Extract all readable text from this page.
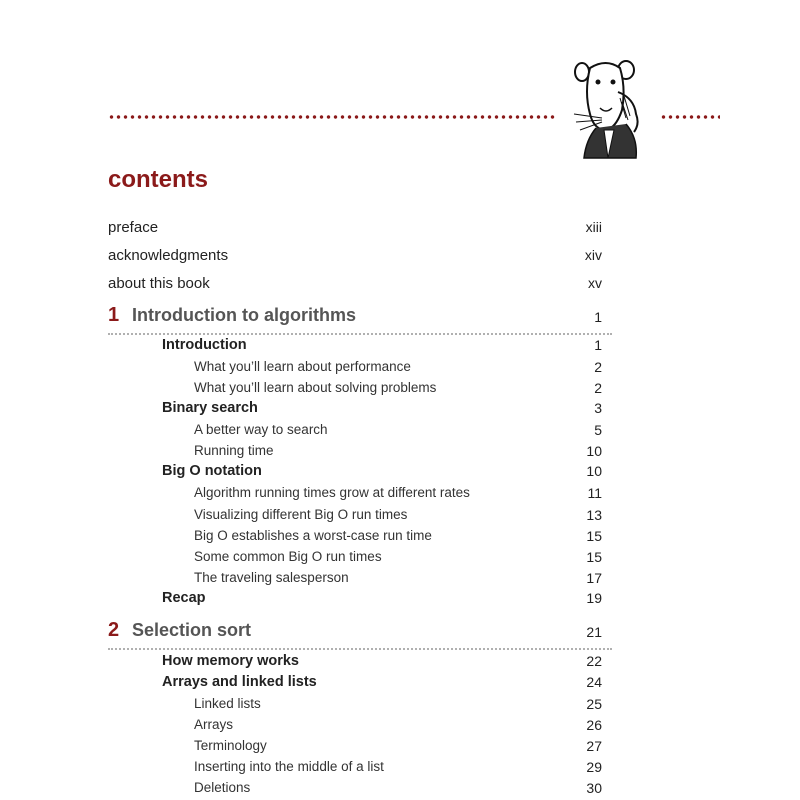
contents
preface	xiii
acknowledgments	xiv
about this book	xv
1 Introduction to algorithms	1
Introduction	1
What you’ll learn about performance	2
What you’ll learn about solving problems	2
Binary search	3
A better way to search	5
Running time	10
Big O notation	10
Algorithm running times grow at different rates	11
Visualizing different Big O run times	13
Big O establishes a worst-case run time	15
Some common Big O run times	15
The traveling salesperson	17
Recap	19
2 Selection sort	21
How memory works	22
Arrays and linked lists	24
Linked lists	25
Arrays	26
Terminology	27
Inserting into the middle of a list	29
Deletions	30
